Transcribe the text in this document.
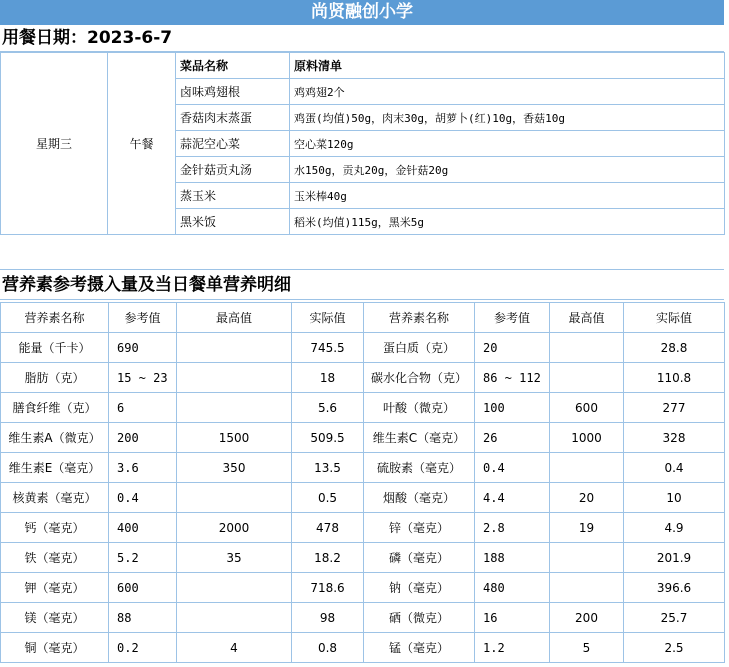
尚贤融创小学
用餐日期：2023-6-7
星期三	午餐	菜品名称	原料清单
		卤味鸡翅根	鸡鸡翅2个
		香菇肉末蒸蛋	鸡蛋(均值)50g，肉末30g，胡萝卜(红)10g，香菇10g
		蒜泥空心菜	空心菜120g
		金针菇贡丸汤	水150g，贡丸20g，金针菇20g
		蒸玉米	玉米棒40g
		黑米饭	稻米(均值)115g，黑米5g
营养素参考摄入量及当日餐单营养明细
营养素名称	参考值	最高值	实际值	营养素名称	参考值	最高值	实际值
能量（千卡）	690		745.5	蛋白质（克）	20		28.8
脂肪（克）	15 ~ 23		18	碳水化合物（克）	86 ~ 112		110.8
膳食纤维（克）	6		5.6	叶酸（微克）	100	600	277
维生素A（微克）	200	1500	509.5	维生素C（毫克）	26	1000	328
维生素E（毫克）	3.6	350	13.5	硫胺素（毫克）	0.4		0.4
核黄素（毫克）	0.4		0.5	烟酸（毫克）	4.4	20	10
钙（毫克）	400	2000	478	锌（毫克）	2.8	19	4.9
铁（毫克）	5.2	35	18.2	磷（毫克）	188		201.9
钾（毫克）	600		718.6	钠（毫克）	480		396.6
镁（毫克）	88		98	硒（微克）	16	200	25.7
铜（毫克）	0.2	4	0.8	锰（毫克）	1.2	5	2.5
